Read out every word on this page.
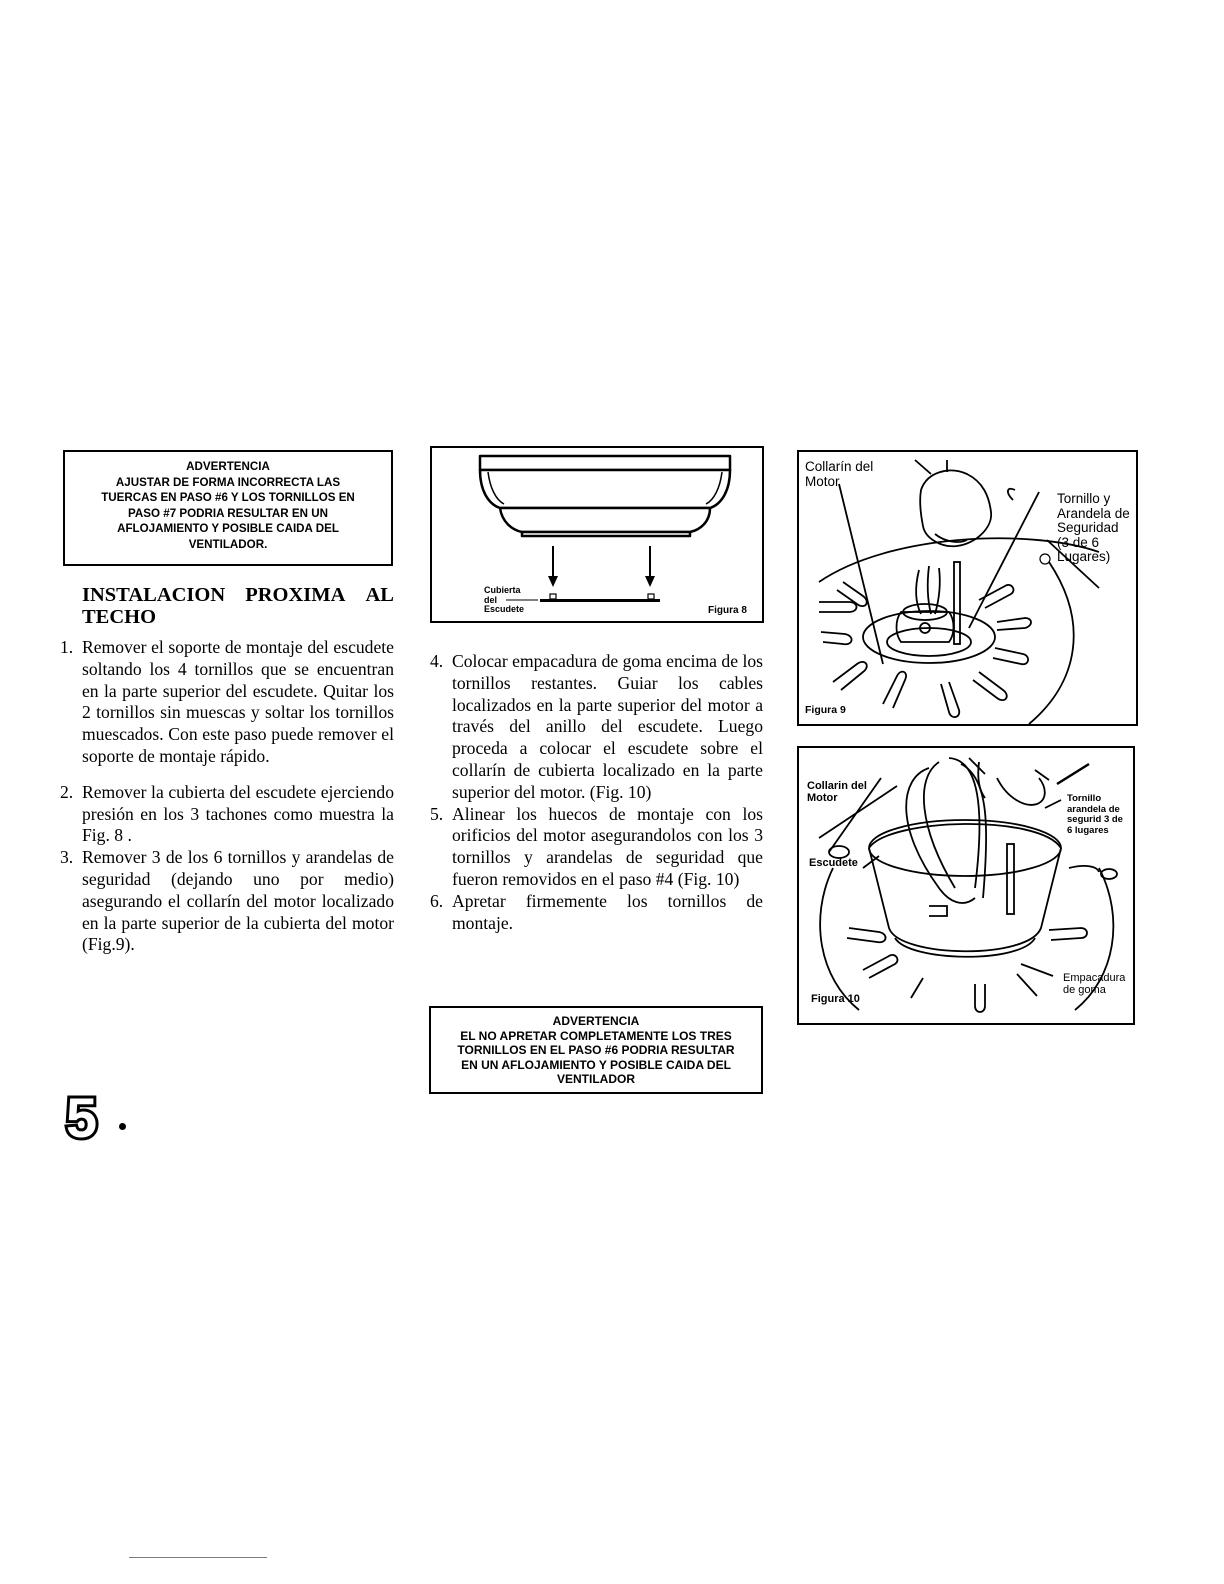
ADVERTENCIA
AJUSTAR DE FORMA INCORRECTA LAS
TUERCAS EN PASO #6 Y LOS TORNILLOS EN
PASO #7 PODRIA RESULTAR EN UN
AFLOJAMIENTO Y POSIBLE CAIDA DEL
VENTILADOR.
INSTALACION PROXIMA AL
TECHO
1. Remover el soporte de montaje del escudete soltando los 4 tornillos que se encuentran en la parte superior del escudete. Quitar los 2 tornillos sin muescas y soltar los tornillos muescados. Con este paso puede remover el soporte de montaje rápido.
2. Remover la cubierta del escudete ejerciendo presión en los 3 tachones como muestra la Fig. 8 .
3. Remover 3 de los 6 tornillos y arandelas de seguridad (dejando uno por medio) asegurando el collarín del motor localizado en la parte superior de la cubierta del motor (Fig.9).
4. Colocar empacadura de goma encima de los tornillos restantes. Guiar los cables localizados en la parte superior del motor a través del anillo del escudete. Luego proceda a colocar el escudete sobre el collarín de cubierta localizado en la parte superior del motor. (Fig. 10)
5. Alinear los huecos de montaje con los orificios del motor asegurandolos con los 3 tornillos y arandelas de seguridad que fueron removidos en el paso #4 (Fig. 10)
6. Apretar firmemente los tornillos de montaje.
ADVERTENCIA
EL NO APRETAR COMPLETAMENTE LOS TRES
TORNILLOS EN EL PASO #6 PODRIA RESULTAR
EN UN AFLOJAMIENTO Y POSIBLE CAIDA DEL
VENTILADOR
Cubierta
del
Escudete	Figura 8
Collarín del
Motor
Tornillo y
Arandela de
Seguridad
(3 de 6
Lugares)
Figura 9
Collarin del
Motor
Escudete
Tornillo
arandela de
segurid 3 de
6 lugares
Empacadura
de goma
Figura 10
5
